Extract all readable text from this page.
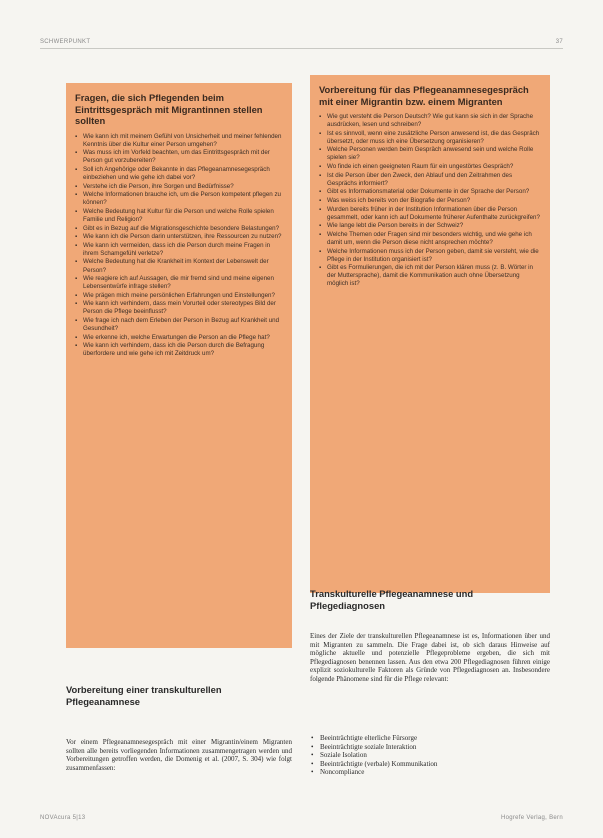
SCHWERPUNKT	37
Fragen, die sich Pflegenden beim Eintrittsgespräch mit Migrantinnen stellen sollten
▪ Wie kann ich mit meinem Gefühl von Unsicherheit und meiner fehlenden Kenntnis über die Kultur einer Person umgehen?
▪ Was muss ich im Vorfeld beachten, um das Eintrittsgespräch mit der Person gut vorzubereiten?
▪ Soll ich Angehörige oder Bekannte in das Pflegeanamnesegespräch einbeziehen und wie gehe ich dabei vor?
▪ Verstehe ich die Person, ihre Sorgen und Bedürfnisse?
▪ Welche Informationen brauche ich, um die Person kompetent pflegen zu können?
▪ Welche Bedeutung hat Kultur für die Person und welche Rolle spielen Familie und Religion?
▪ Gibt es in Bezug auf die Migrationsgeschichte besondere Belastungen?
▪ Wie kann ich die Person darin unterstützen, ihre Ressourcen zu nutzen?
▪ Wie kann ich vermeiden, dass ich die Person durch meine Fragen in ihrem Schamgefühl verletze?
▪ Welche Bedeutung hat die Krankheit im Kontext der Lebenswelt der Person?
▪ Wie reagiere ich auf Aussagen, die mir fremd sind und meine eigenen Lebensentwürfe infrage stellen?
▪ Wie prägen mich meine persönlichen Erfahrungen und Einstellungen?
▪ Wie kann ich verhindern, dass mein Vorurteil oder stereotypes Bild der Person die Pflege beeinflusst?
▪ Wie frage ich nach dem Erleben der Person in Bezug auf Krankheit und Gesundheit?
▪ Wie erkenne ich, welche Erwartungen die Person an die Pflege hat?
▪ Wie kann ich verhindern, dass ich die Person durch die Befragung überfordere und wie gehe ich mit Zeitdruck um?
Vorbereitung für das Pflegeanamnesegespräch mit einer Migrantin bzw. einem Migranten
▪ Wie gut versteht die Person Deutsch? Wie gut kann sie sich in der Sprache ausdrücken, lesen und schreiben?
▪ Ist es sinnvoll, wenn eine zusätzliche Person anwesend ist, die das Gespräch übersetzt, oder muss ich eine Übersetzung organisieren?
▪ Welche Personen werden beim Gespräch anwesend sein und welche Rolle spielen sie?
▪ Wo finde ich einen geeigneten Raum für ein ungestörtes Gespräch?
▪ Ist die Person über den Zweck, den Ablauf und den Zeitrahmen des Gesprächs informiert?
▪ Gibt es Informationsmaterial oder Dokumente in der Sprache der Person?
▪ Was weiss ich bereits von der Biografie der Person?
▪ Wurden bereits früher in der Institution Informationen über die Person gesammelt, oder kann ich auf Dokumente früherer Aufenthalte zurückgreifen?
▪ Wie lange lebt die Person bereits in der Schweiz?
▪ Welche Themen oder Fragen sind mir besonders wichtig, und wie gehe ich damit um, wenn die Person diese nicht ansprechen möchte?
▪ Welche Informationen muss ich der Person geben, damit sie versteht, wie die Pflege in der Institution organisiert ist?
▪ Gibt es Formulierungen, die ich mit der Person klären muss (z. B. Wörter in der Muttersprache), damit die Kommunikation auch ohne Übersetzung möglich ist?
Vorbereitung einer transkulturellen Pflegeanamnese

Vor einem Pflegeanamnesegespräch mit einer Migrantin/einem Migranten sollten alle bereits vorliegenden Informationen zusammengetragen werden und Vorbereitungen getroffen werden, die Domenig et al. (2007, S. 304) wie folgt zusammenfassen:

Transkulturelle Pflegeanamnese und Pflegediagnosen

Eines der Ziele der transkulturellen Pflegeanamnese ist es, Informationen über und mit Migranten zu sammeln. Die Frage dabei ist, ob sich daraus Hinweise auf mögliche aktuelle und potenzielle Pflegeprobleme ergeben, die sich mit Pflegediagnosen benennen lassen. Aus den etwa 200 Pflegediagnosen führen einige explizit soziokulturelle Faktoren als Gründe von Pflegediagnosen an. Insbesondere folgende Phänomene sind für die Pflege relevant:

• Beeinträchtigte elterliche Fürsorge
• Beeinträchtigte soziale Interaktion
• Soziale Isolation
• Beeinträchtigte (verbale) Kommunikation
• Noncompliance
NOVAcura 5|13	Hogrefe Verlag, Bern
